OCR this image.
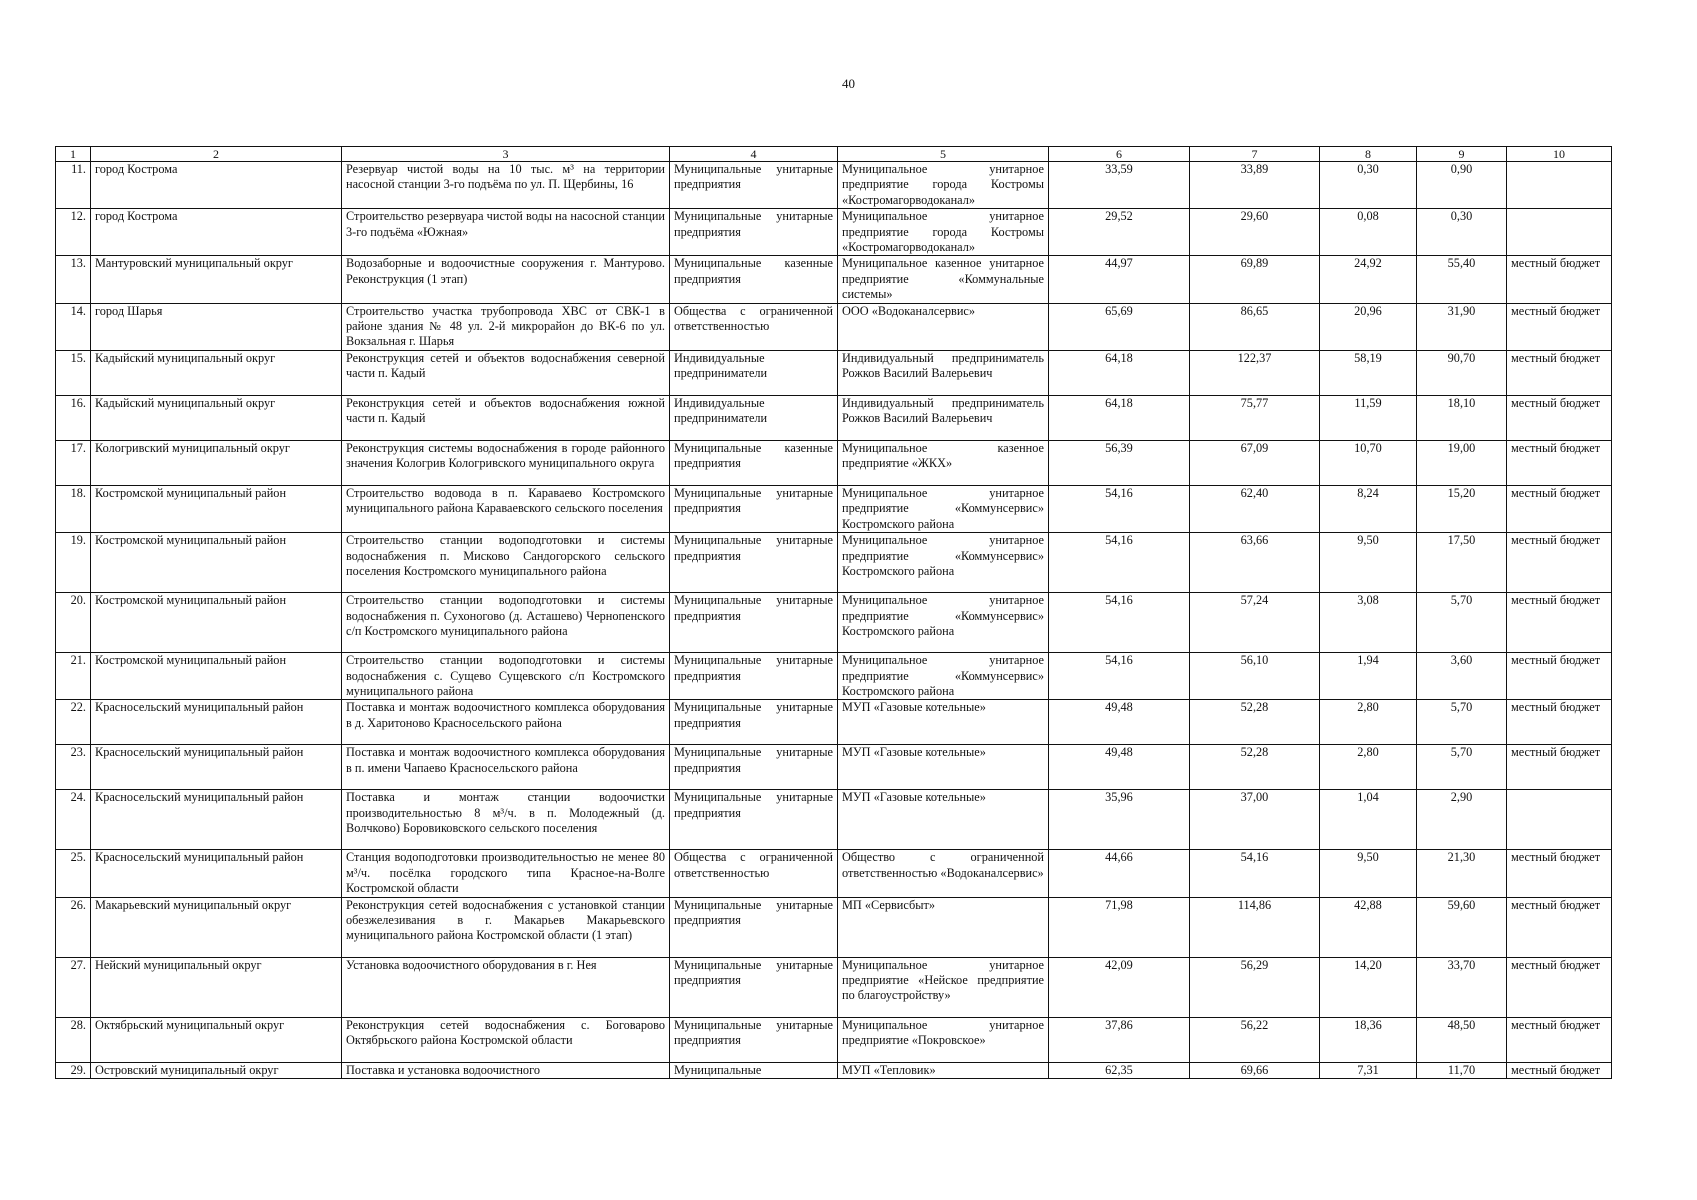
40
1	2	3	4	5	6	7	8	9	10
11.	город Кострома	Резервуар чистой воды на 10 тыс. м³ на территории насосной станции 3-го подъёма по ул. П. Щербины, 16	Муниципальные унитарные предприятия	Муниципальное унитарное предприятие города Костромы «Костромагорводоканал»	33,59	33,89	0,30	0,90	
12.	город Кострома	Строительство резервуара чистой воды на насосной станции 3-го подъёма «Южная»	Муниципальные унитарные предприятия	Муниципальное унитарное предприятие города Костромы «Костромагорводоканал»	29,52	29,60	0,08	0,30	
13.	Мантуровский муниципальный округ	Водозаборные и водоочистные сооружения г. Мантурово. Реконструкция (1 этап)	Муниципальные казенные предприятия	Муниципальное казенное унитарное предприятие «Коммунальные системы»	44,97	69,89	24,92	55,40	местный бюджет
14.	город Шарья	Строительство участка трубопровода ХВС от СВК-1 в районе здания № 48 ул. 2-й микрорайон до ВК-6 по ул. Вокзальная г. Шарья	Общества с ограниченной ответственностью	ООО «Водоканалсервис»	65,69	86,65	20,96	31,90	местный бюджет
15.	Кадыйский муниципальный округ	Реконструкция сетей и объектов водоснабжения северной части п. Кадый	Индивидуальные предприниматели	Индивидуальный предприниматель Рожков Василий Валерьевич	64,18	122,37	58,19	90,70	местный бюджет
16.	Кадыйский муниципальный округ	Реконструкция сетей и объектов водоснабжения южной части п. Кадый	Индивидуальные предприниматели	Индивидуальный предприниматель Рожков Василий Валерьевич	64,18	75,77	11,59	18,10	местный бюджет
17.	Кологривский муниципальный округ	Реконструкция системы водоснабжения в городе районного значения Кологрив Кологривского муниципального округа	Муниципальные казенные предприятия	Муниципальное казенное предприятие «ЖКХ»	56,39	67,09	10,70	19,00	местный бюджет
18.	Костромской муниципальный район	Строительство водовода в п. Караваево Костромского муниципального района Караваевского сельского поселения	Муниципальные унитарные предприятия	Муниципальное унитарное предприятие «Коммунсервис» Костромского района	54,16	62,40	8,24	15,20	местный бюджет
19.	Костромской муниципальный район	Строительство станции водоподготовки и системы водоснабжения п. Мисково Сандогорского сельского поселения Костромского муниципального района	Муниципальные унитарные предприятия	Муниципальное унитарное предприятие «Коммунсервис» Костромского района	54,16	63,66	9,50	17,50	местный бюджет
20.	Костромской муниципальный район	Строительство станции водоподготовки и системы водоснабжения п. Сухоногово (д. Асташево) Чернопенского с/п Костромского муниципального района	Муниципальные унитарные предприятия	Муниципальное унитарное предприятие «Коммунсервис» Костромского района	54,16	57,24	3,08	5,70	местный бюджет
21.	Костромской муниципальный район	Строительство станции водоподготовки и системы водоснабжения с. Сущево Сущевского с/п Костромского муниципального района	Муниципальные унитарные предприятия	Муниципальное унитарное предприятие «Коммунсервис» Костромского района	54,16	56,10	1,94	3,60	местный бюджет
22.	Красносельский муниципальный район	Поставка и монтаж водоочистного комплекса оборудования в д. Харитоново Красносельского района	Муниципальные унитарные предприятия	МУП «Газовые котельные»	49,48	52,28	2,80	5,70	местный бюджет
23.	Красносельский муниципальный район	Поставка и монтаж водоочистного комплекса оборудования в п. имени Чапаево Красносельского района	Муниципальные унитарные предприятия	МУП «Газовые котельные»	49,48	52,28	2,80	5,70	местный бюджет
24.	Красносельский муниципальный район	Поставка и монтаж станции водоочистки производительностью 8 м³/ч. в п. Молодежный (д. Волчково) Боровиковского сельского поселения	Муниципальные унитарные предприятия	МУП «Газовые котельные»	35,96	37,00	1,04	2,90	
25.	Красносельский муниципальный район	Станция водоподготовки производительностью не менее 80 м³/ч. посёлка городского типа Красное-на-Волге Костромской области	Общества с ограниченной ответственностью	Общество с ограниченной ответственностью «Водоканалсервис»	44,66	54,16	9,50	21,30	местный бюджет
26.	Макарьевский муниципальный округ	Реконструкция сетей водоснабжения с установкой станции обезжелезивания в г. Макарьев Макарьевского муниципального района Костромской области (1 этап)	Муниципальные унитарные предприятия	МП «Сервисбыт»	71,98	114,86	42,88	59,60	местный бюджет
27.	Нейский муниципальный округ	Установка водоочистного оборудования в г. Нея	Муниципальные унитарные предприятия	Муниципальное унитарное предприятие «Нейское предприятие по благоустройству»	42,09	56,29	14,20	33,70	местный бюджет
28.	Октябрьский муниципальный округ	Реконструкция сетей водоснабжения с. Боговарово Октябрьского района Костромской области	Муниципальные унитарные предприятия	Муниципальное унитарное предприятие «Покровское»	37,86	56,22	18,36	48,50	местный бюджет
29.	Островский муниципальный округ	Поставка и установка водоочистного	Муниципальные	МУП «Тепловик»	62,35	69,66	7,31	11,70	местный бюджет
